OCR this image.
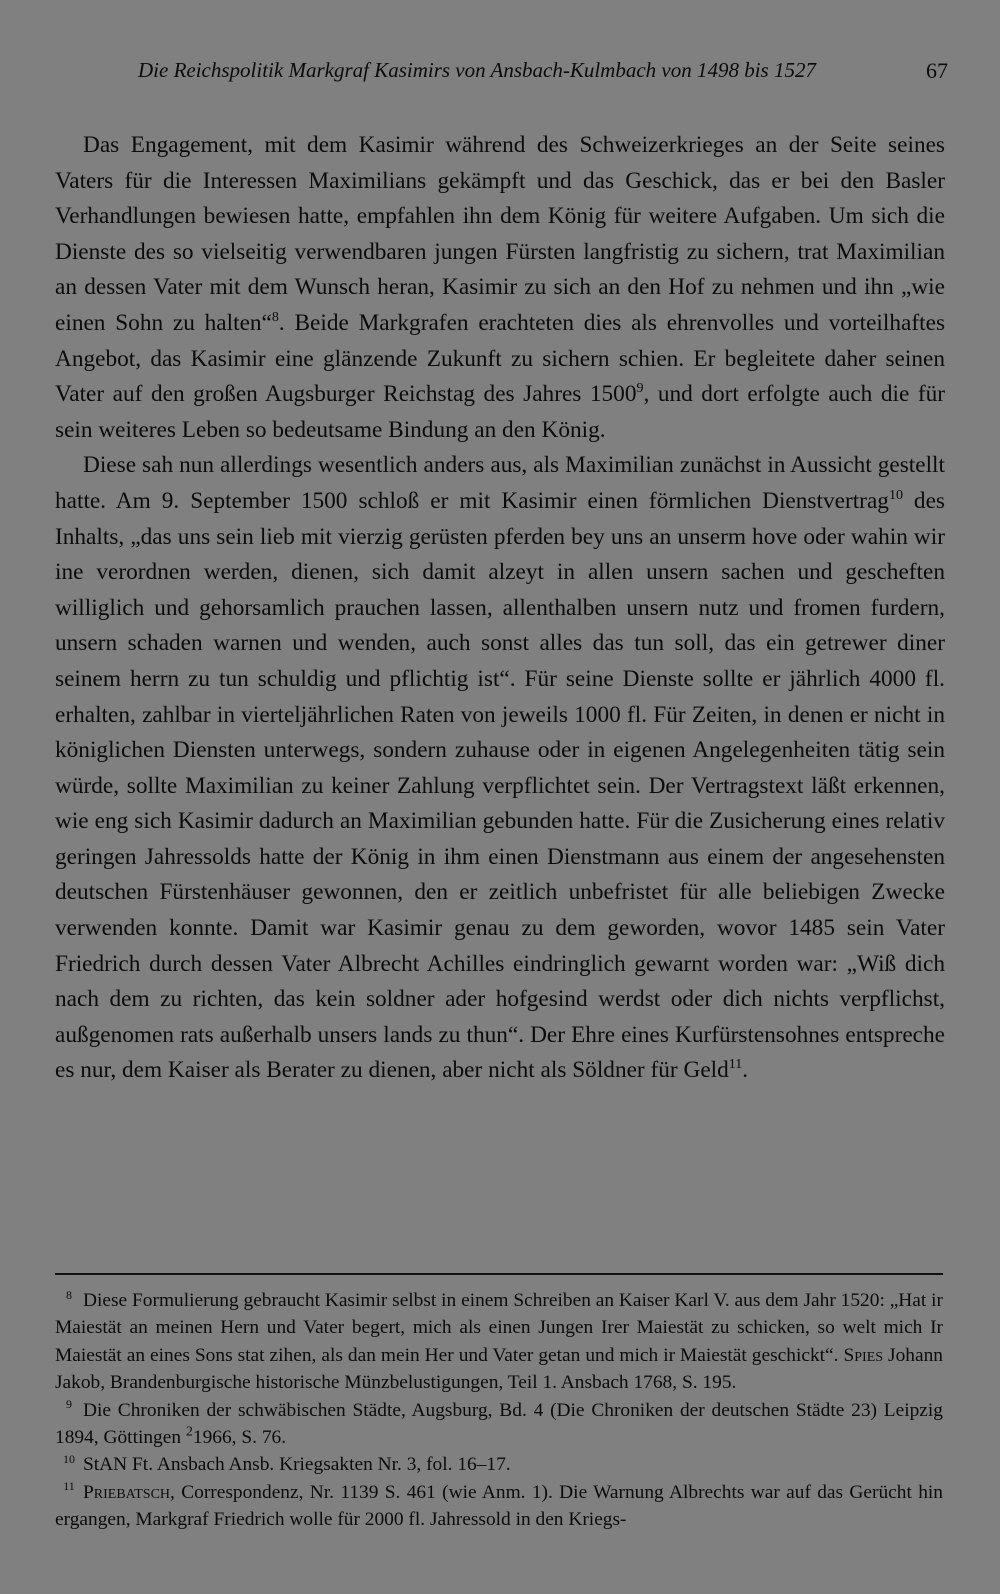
Die Reichspolitik Markgraf Kasimirs von Ansbach-Kulmbach von 1498 bis 1527	67

Das Engagement, mit dem Kasimir während des Schweizerkrieges an der Seite seines Vaters für die Interessen Maximilians gekämpft und das Geschick, das er bei den Basler Verhandlungen bewiesen hatte, empfahlen ihn dem König für weitere Aufgaben. Um sich die Dienste des so vielseitig verwendbaren jungen Fürsten langfristig zu sichern, trat Maximilian an dessen Vater mit dem Wunsch heran, Kasimir zu sich an den Hof zu nehmen und ihn „wie einen Sohn zu halten“$^8$. Beide Markgrafen erachteten dies als ehrenvolles und vorteilhaftes Angebot, das Kasimir eine glänzende Zukunft zu sichern schien. Er begleitete daher seinen Vater auf den großen Augsburger Reichstag des Jahres 1500$^9$, und dort erfolgte auch die für sein weiteres Leben so bedeutsame Bindung an den König.

Diese sah nun allerdings wesentlich anders aus, als Maximilian zunächst in Aussicht gestellt hatte. Am 9. September 1500 schloß er mit Kasimir einen förmlichen Dienstvertrag$^{10}$ des Inhalts, „das uns sein lieb mit vierzig gerüsten pferden bey uns an unserm hove oder wahin wir ine verordnen werden, dienen, sich damit alzeyt in allen unsern sachen und gescheften williglich und gehorsamlich prauchen lassen, allenthalben unsern nutz und fromen furdern, unsern schaden warnen und wenden, auch sonst alles das tun soll, das ein getrewer diner seinem herrn zu tun schuldig und pflichtig ist“. Für seine Dienste sollte er jährlich 4000 fl. erhalten, zahlbar in vierteljährlichen Raten von jeweils 1000 fl. Für Zeiten, in denen er nicht in königlichen Diensten unterwegs, sondern zuhause oder in eigenen Angelegenheiten tätig sein würde, sollte Maximilian zu keiner Zahlung verpflichtet sein. Der Vertragstext läßt erkennen, wie eng sich Kasimir dadurch an Maximilian gebunden hatte. Für die Zusicherung eines relativ geringen Jahressolds hatte der König in ihm einen Dienstmann aus einem der angesehensten deutschen Fürstenhäuser gewonnen, den er zeitlich unbefristet für alle beliebigen Zwecke verwenden konnte. Damit war Kasimir genau zu dem geworden, wovor 1485 sein Vater Friedrich durch dessen Vater Albrecht Achilles eindringlich gewarnt worden war: „Wiß dich nach dem zu richten, das kein soldner ader hofgesind werdst oder dich nichts verpflichst, außgenomen rats außerhalb unsers lands zu thun“. Der Ehre eines Kurfürstensohnes entspreche es nur, dem Kaiser als Berater zu dienen, aber nicht als Söldner für Geld$^{11}$.

8 Diese Formulierung gebraucht Kasimir selbst in einem Schreiben an Kaiser Karl V. aus dem Jahr 1520: „Hat ir Maiestät an meinen Hern und Vater begert, mich als einen Jungen Irer Maiestät zu schicken, so welt mich Ir Maiestät an eines Sons stat zihen, als dan mein Her und Vater getan und mich ir Maiestät geschickt“. Spies Johann Jakob, Brandenburgische historische Münzbelustigungen, Teil 1. Ansbach 1768, S. 195.

9 Die Chroniken der schwäbischen Städte, Augsburg, Bd. 4 (Die Chroniken der deutschen Städte 23) Leipzig 1894, Göttingen $^2$1966, S. 76.

10 StAN Ft. Ansbach Ansb. Kriegsakten Nr. 3, fol. 16–17.

11 Priebatsch, Correspondenz, Nr. 1139 S. 461 (wie Anm. 1). Die Warnung Albrechts war auf das Gerücht hin ergangen, Markgraf Friedrich wolle für 2000 fl. Jahressold in den Kriegs-
